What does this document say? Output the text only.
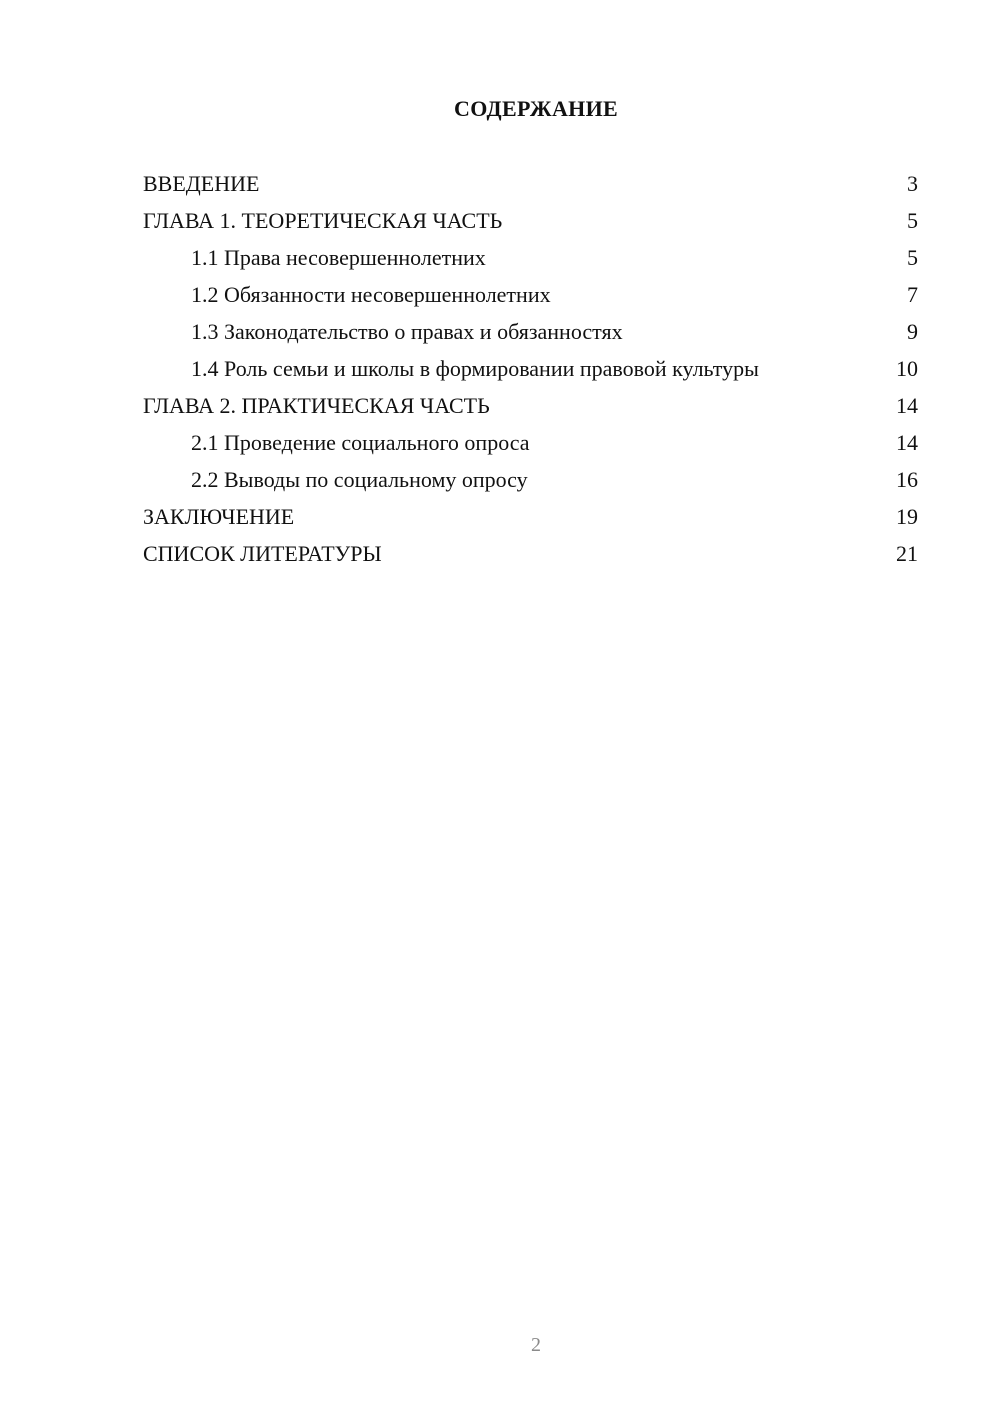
СОДЕРЖАНИЕ
ВВЕДЕНИЕ	3
ГЛАВА 1. ТЕОРЕТИЧЕСКАЯ ЧАСТЬ	5
1.1 Права несовершеннолетних	5
1.2 Обязанности несовершеннолетних	7
1.3 Законодательство о правах и обязанностях	9
1.4 Роль семьи и школы в формировании правовой культуры	10
ГЛАВА 2. ПРАКТИЧЕСКАЯ ЧАСТЬ	14
2.1 Проведение социального опроса	14
2.2 Выводы по социальному опросу	16
ЗАКЛЮЧЕНИЕ	19
СПИСОК ЛИТЕРАТУРЫ	21
2
